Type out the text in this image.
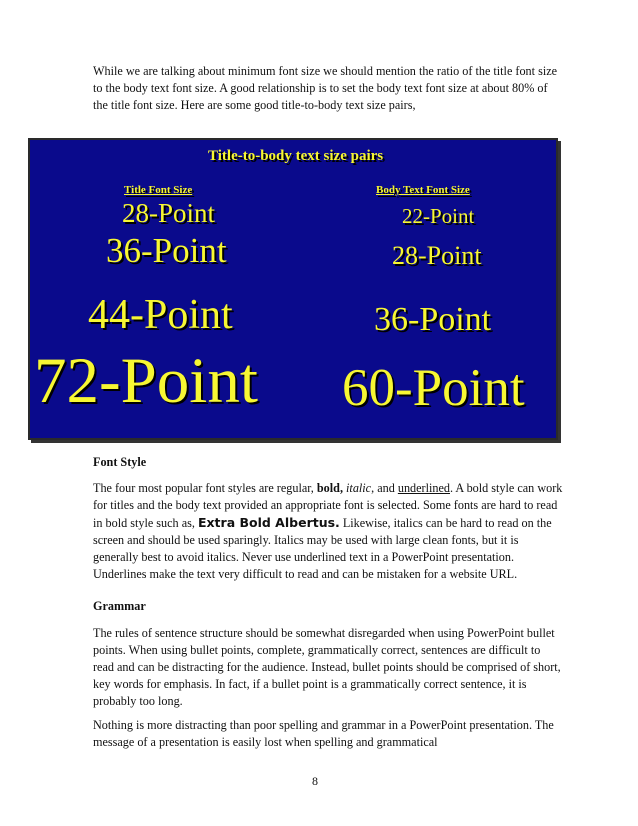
While we are talking about minimum font size we should mention the ratio of the title font size to the body text font size. A good relationship is to set the body text font size at about 80% of the title font size. Here are some good title-to-body text size pairs,
Title-to-body text size pairs
Title Font Size	Body Text Font Size
28-Point	22-Point
36-Point	28-Point
44-Point	36-Point
72-Point 60-Point
Font Style
The four most popular font styles are regular, bold, italic, and underlined. A bold style can work for titles and the body text provided an appropriate font is selected. Some fonts are hard to read in bold style such as, Extra Bold Albertus. Likewise, italics can be hard to read on the screen and should be used sparingly. Italics may be used with large clean fonts, but it is generally best to avoid italics. Never use underlined text in a PowerPoint presentation. Underlines make the text very difficult to read and can be mistaken for a website URL.
Grammar
The rules of sentence structure should be somewhat disregarded when using PowerPoint bullet points. When using bullet points, complete, grammatically correct, sentences are difficult to read and can be distracting for the audience. Instead, bullet points should be comprised of short, key words for emphasis. In fact, if a bullet point is a grammatically correct sentence, it is probably too long.
Nothing is more distracting than poor spelling and grammar in a PowerPoint presentation. The message of a presentation is easily lost when spelling and grammatical
8
